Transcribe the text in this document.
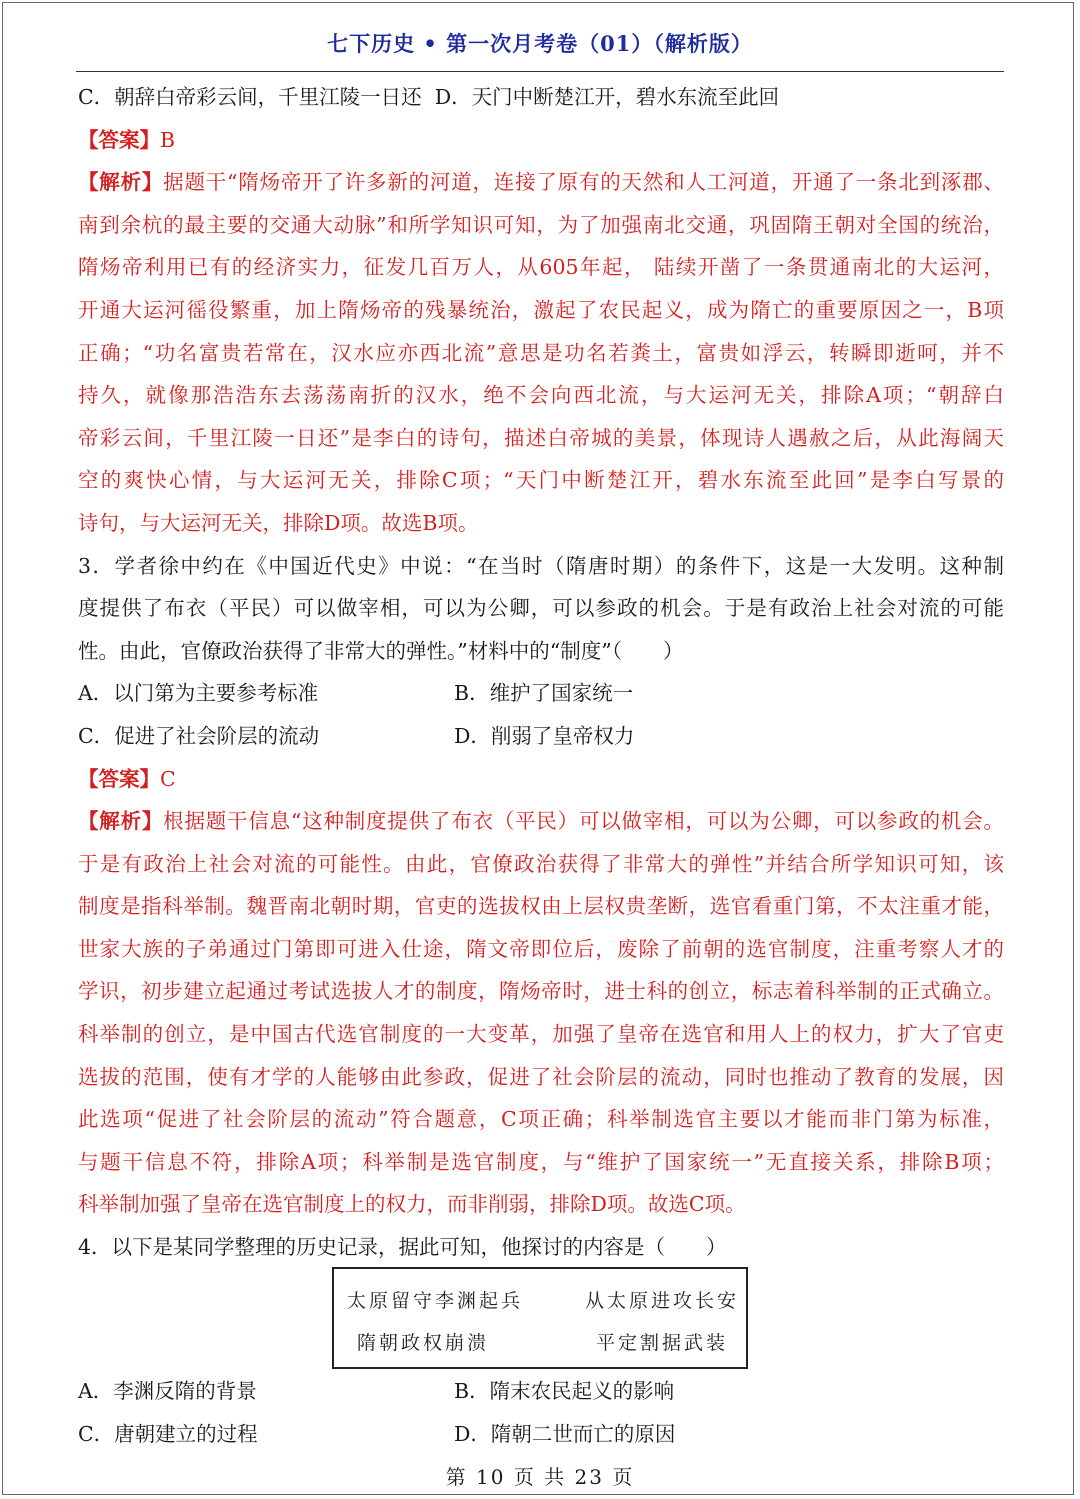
七下历史 • 第一次月考卷（01）（解析版）
C．朝辞白帝彩云间，千里江陵一日还  D．天门中断楚江开，碧水东流至此回
【答案】B
【解析】据题干“隋炀帝开了许多新的河道，连接了原有的天然和人工河道，开通了一条北到涿郡、
南到余杭的最主要的交通大动脉”和所学知识可知，为了加强南北交通，巩固隋王朝对全国的统治，
隋炀帝利用已有的经济实力，征发几百万人，从605年起， 陆续开凿了一条贯通南北的大运河，
开通大运河徭役繁重，加上隋炀帝的残暴统治，激起了农民起义，成为隋亡的重要原因之一，B项
正确；“功名富贵若常在，汉水应亦西北流”意思是功名若粪土，富贵如浮云，转瞬即逝呵，并不
持久，就像那浩浩东去荡荡南折的汉水，绝不会向西北流，与大运河无关，排除A项；“朝辞白
帝彩云间，千里江陵一日还”是李白的诗句，描述白帝城的美景，体现诗人遇赦之后，从此海阔天
空的爽快心情，与大运河无关，排除C项；“天门中断楚江开，碧水东流至此回”是李白写景的
诗句，与大运河无关，排除D项。故选B项。
3．学者徐中约在《中国近代史》中说：“在当时（隋唐时期）的条件下，这是一大发明。这种制
度提供了布衣（平民）可以做宰相，可以为公卿，可以参政的机会。于是有政治上社会对流的可能
性。由此，官僚政治获得了非常大的弹性。”材料中的“制度”（　　）
A．以门第为主要参考标准	B．维护了国家统一
C．促进了社会阶层的流动	D．削弱了皇帝权力
【答案】C
【解析】根据题干信息“这种制度提供了布衣（平民）可以做宰相，可以为公卿，可以参政的机会。
于是有政治上社会对流的可能性。由此，官僚政治获得了非常大的弹性”并结合所学知识可知，该
制度是指科举制。魏晋南北朝时期，官吏的选拔权由上层权贵垄断，选官看重门第，不太注重才能，
世家大族的子弟通过门第即可进入仕途，隋文帝即位后，废除了前朝的选官制度，注重考察人才的
学识，初步建立起通过考试选拔人才的制度，隋炀帝时，进士科的创立，标志着科举制的正式确立。
科举制的创立，是中国古代选官制度的一大变革，加强了皇帝在选官和用人上的权力，扩大了官吏
选拔的范围，使有才学的人能够由此参政，促进了社会阶层的流动，同时也推动了教育的发展，因
此选项“促进了社会阶层的流动”符合题意，C项正确；科举制选官主要以才能而非门第为标准，
与题干信息不符，排除A项；科举制是选官制度，与“维护了国家统一”无直接关系，排除B项；
科举制加强了皇帝在选官制度上的权力，而非削弱，排除D项。故选C项。
4．以下是某同学整理的历史记录，据此可知，他探讨的内容是（　　）
太原留守李渊起兵	从太原进攻长安
隋朝政权崩溃	平定割据武装
A．李渊反隋的背景	B．隋末农民起义的影响
C．唐朝建立的过程	D．隋朝二世而亡的原因
第 10 页 共 23 页
